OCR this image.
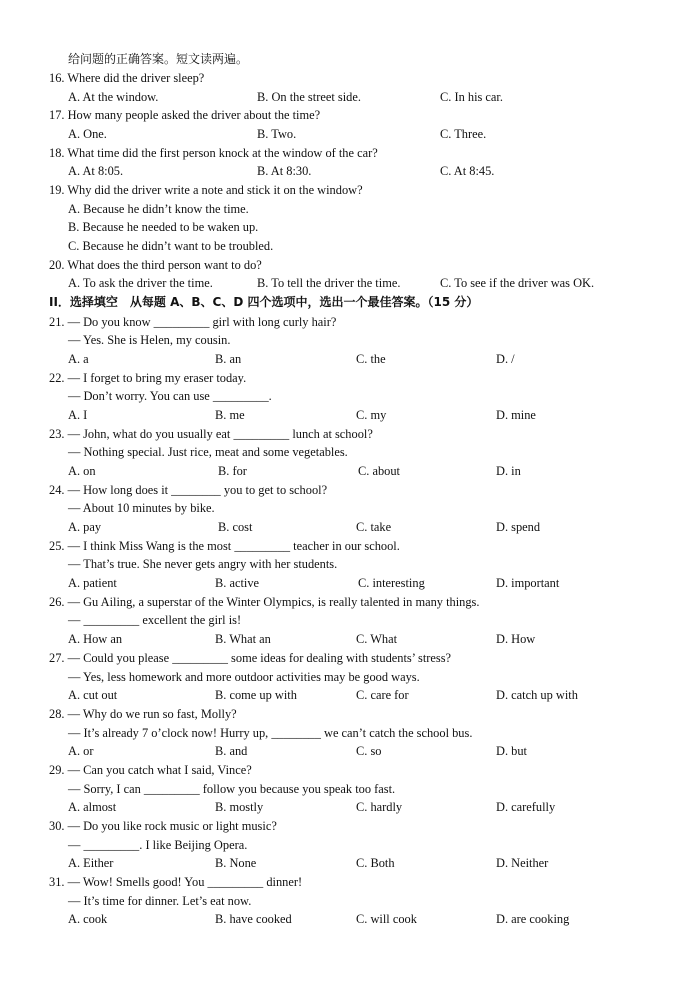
给问题的正确答案。短文读两遍。
16. Where did the driver sleep?
A. At the window.	B. On the street side.	C. In his car.
17. How many people asked the driver about the time?
A. One.	B. Two.	C. Three.
18. What time did the first person knock at the window of the car?
A. At 8:05.	B. At 8:30.	C. At 8:45.
19. Why did the driver write a note and stick it on the window?
A. Because he didn’t know the time.
B. Because he needed to be waken up.
C. Because he didn’t want to be troubled.
20. What does the third person want to do?
A. To ask the driver the time.	B. To tell the driver the time.	C. To see if the driver was OK.
II．选择填空　从每题 A、B、C、D 四个选项中，选出一个最佳答案。（15 分）
21. — Do you know _________ girl with long curly hair?
— Yes. She is Helen, my cousin.
A. a	B. an	C. the	D. /
22. — I forget to bring my eraser today.
— Don’t worry. You can use _________.
A. I	B. me	C. my	D. mine
23. — John, what do you usually eat _________ lunch at school?
— Nothing special. Just rice, meat and some vegetables.
A. on	B. for	C. about	D. in
24. — How long does it ________ you to get to school?
— About 10 minutes by bike.
A. pay	B. cost	C. take	D. spend
25. — I think Miss Wang is the most _________ teacher in our school.
— That’s true. She never gets angry with her students.
A. patient	B. active	C. interesting	D. important
26. — Gu Ailing, a superstar of the Winter Olympics, is really talented in many things.
— _________ excellent the girl is!
A. How an	B. What an	C. What	D. How
27. — Could you please _________ some ideas for dealing with students’ stress?
— Yes, less homework and more outdoor activities may be good ways.
A. cut out	B. come up with	C. care for	D. catch up with
28. — Why do we run so fast, Molly?
— It’s already 7 o’clock now! Hurry up, ________ we can’t catch the school bus.
A. or	B. and	C. so	D. but
29. — Can you catch what I said, Vince?
— Sorry, I can _________ follow you because you speak too fast.
A. almost	B. mostly	C. hardly	D. carefully
30. — Do you like rock music or light music?
— _________. I like Beijing Opera.
A. Either	B. None	C. Both	D. Neither
31. — Wow! Smells good! You _________ dinner!
— It’s time for dinner. Let’s eat now.
A. cook	B. have cooked	C. will cook	D. are cooking
